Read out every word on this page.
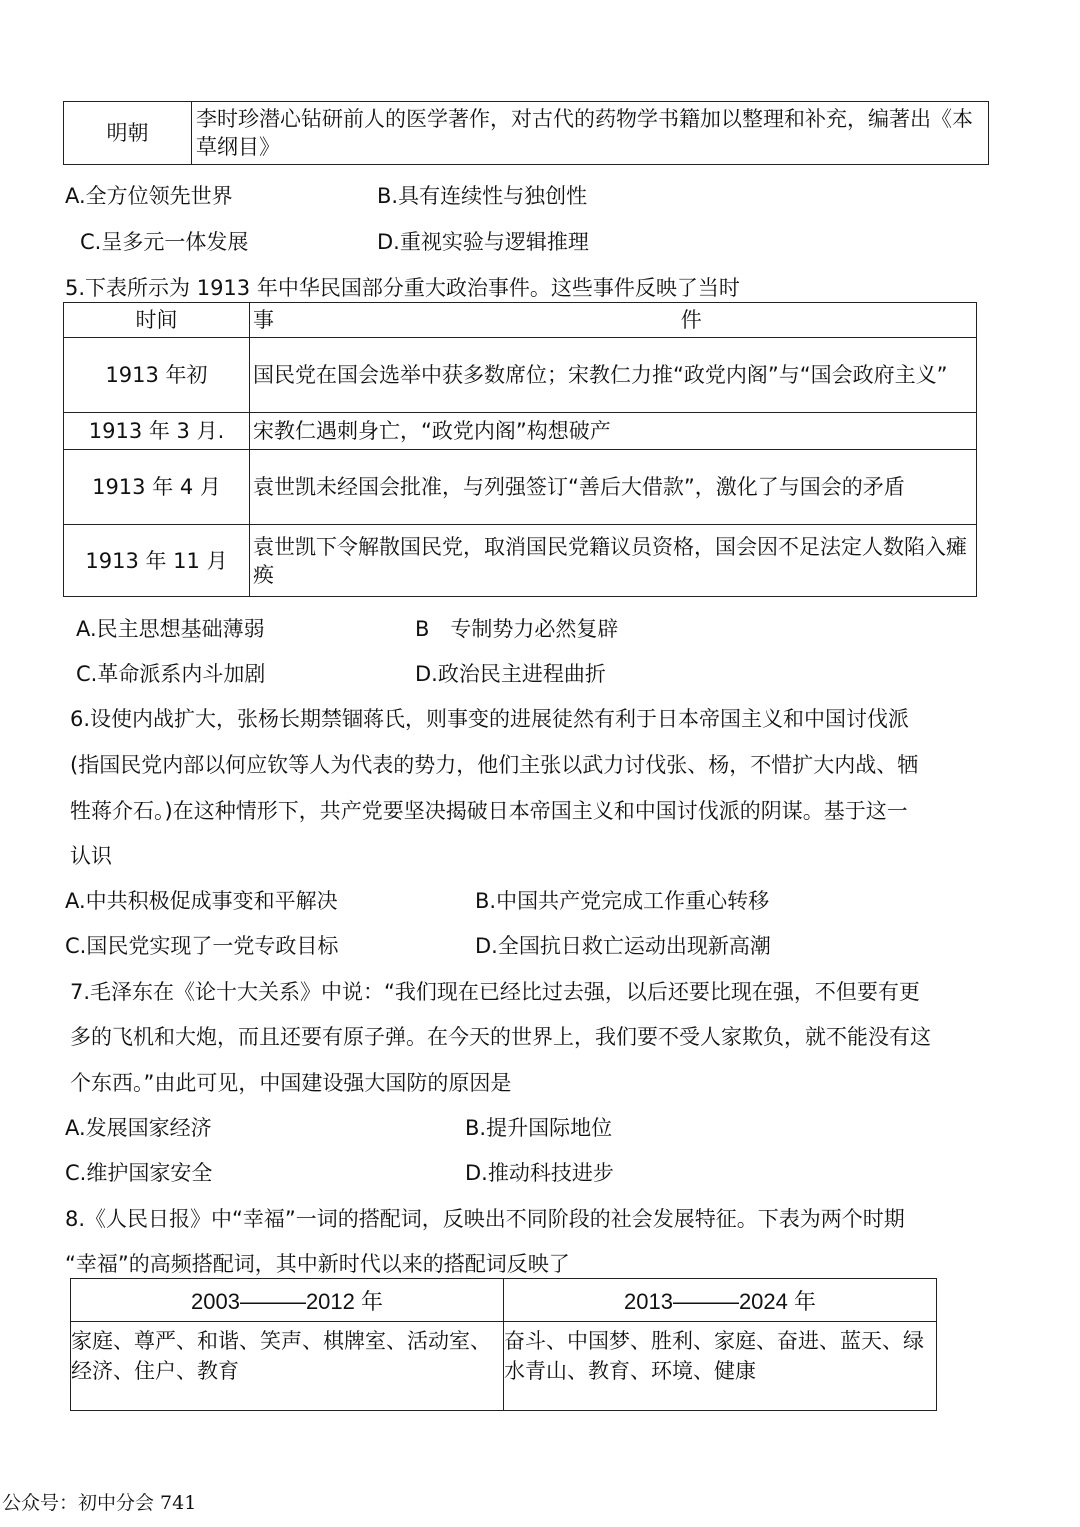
明朝	李时珍潜心钻研前人的医学著作，对古代的药物学书籍加以整理和补充，编著出《本草纲目》
A.全方位领先世界	B.具有连续性与独创性
C.呈多元一体发展	D.重视实验与逻辑推理
5.下表所示为 1913 年中华民国部分重大政治事件。这些事件反映了当时
时间	事 件
1913 年初	国民党在国会选举中获多数席位；宋教仁力推“政党内阁”与“国会政府主义”
1913 年 3 月.	宋教仁遇刺身亡，“政党内阁”构想破产
1913 年 4 月	袁世凯未经国会批准，与列强签订“善后大借款”，激化了与国会的矛盾
1913 年 11 月	袁世凯下令解散国民党，取消国民党籍议员资格，国会因不足法定人数陷入瘫痪
A.民主思想基础薄弱	B　专制势力必然复辟
C.革命派系内斗加剧	D.政治民主进程曲折
6.设使内战扩大，张杨长期禁锢蒋氏，则事变的进展徒然有利于日本帝国主义和中国讨伐派
(指国民党内部以何应钦等人为代表的势力，他们主张以武力讨伐张、杨，不惜扩大内战、牺
牲蒋介石。)在这种情形下，共产党要坚决揭破日本帝国主义和中国讨伐派的阴谋。基于这一
认识
A.中共积极促成事变和平解决	B.中国共产党完成工作重心转移
C.国民党实现了一党专政目标	D.全国抗日救亡运动出现新高潮
7.毛泽东在《论十大关系》中说：“我们现在已经比过去强，以后还要比现在强，不但要有更
多的飞机和大炮，而且还要有原子弹。在今天的世界上，我们要不受人家欺负，就不能没有这
个东西。”由此可见，中国建设强大国防的原因是
A.发展国家经济	B.提升国际地位
C.维护国家安全	D.推动科技进步
8.《人民日报》中“幸福”一词的搭配词，反映出不同阶段的社会发展特征。下表为两个时期
“幸福”的高频搭配词，其中新时代以来的搭配词反映了
2003———2012 年	2013———2024 年
家庭、尊严、和谐、笑声、棋牌室、活动室、经济、住户、教育	奋斗、中国梦、胜利、家庭、奋进、蓝天、绿水青山、教育、环境、健康
公众号：初中分会 741
